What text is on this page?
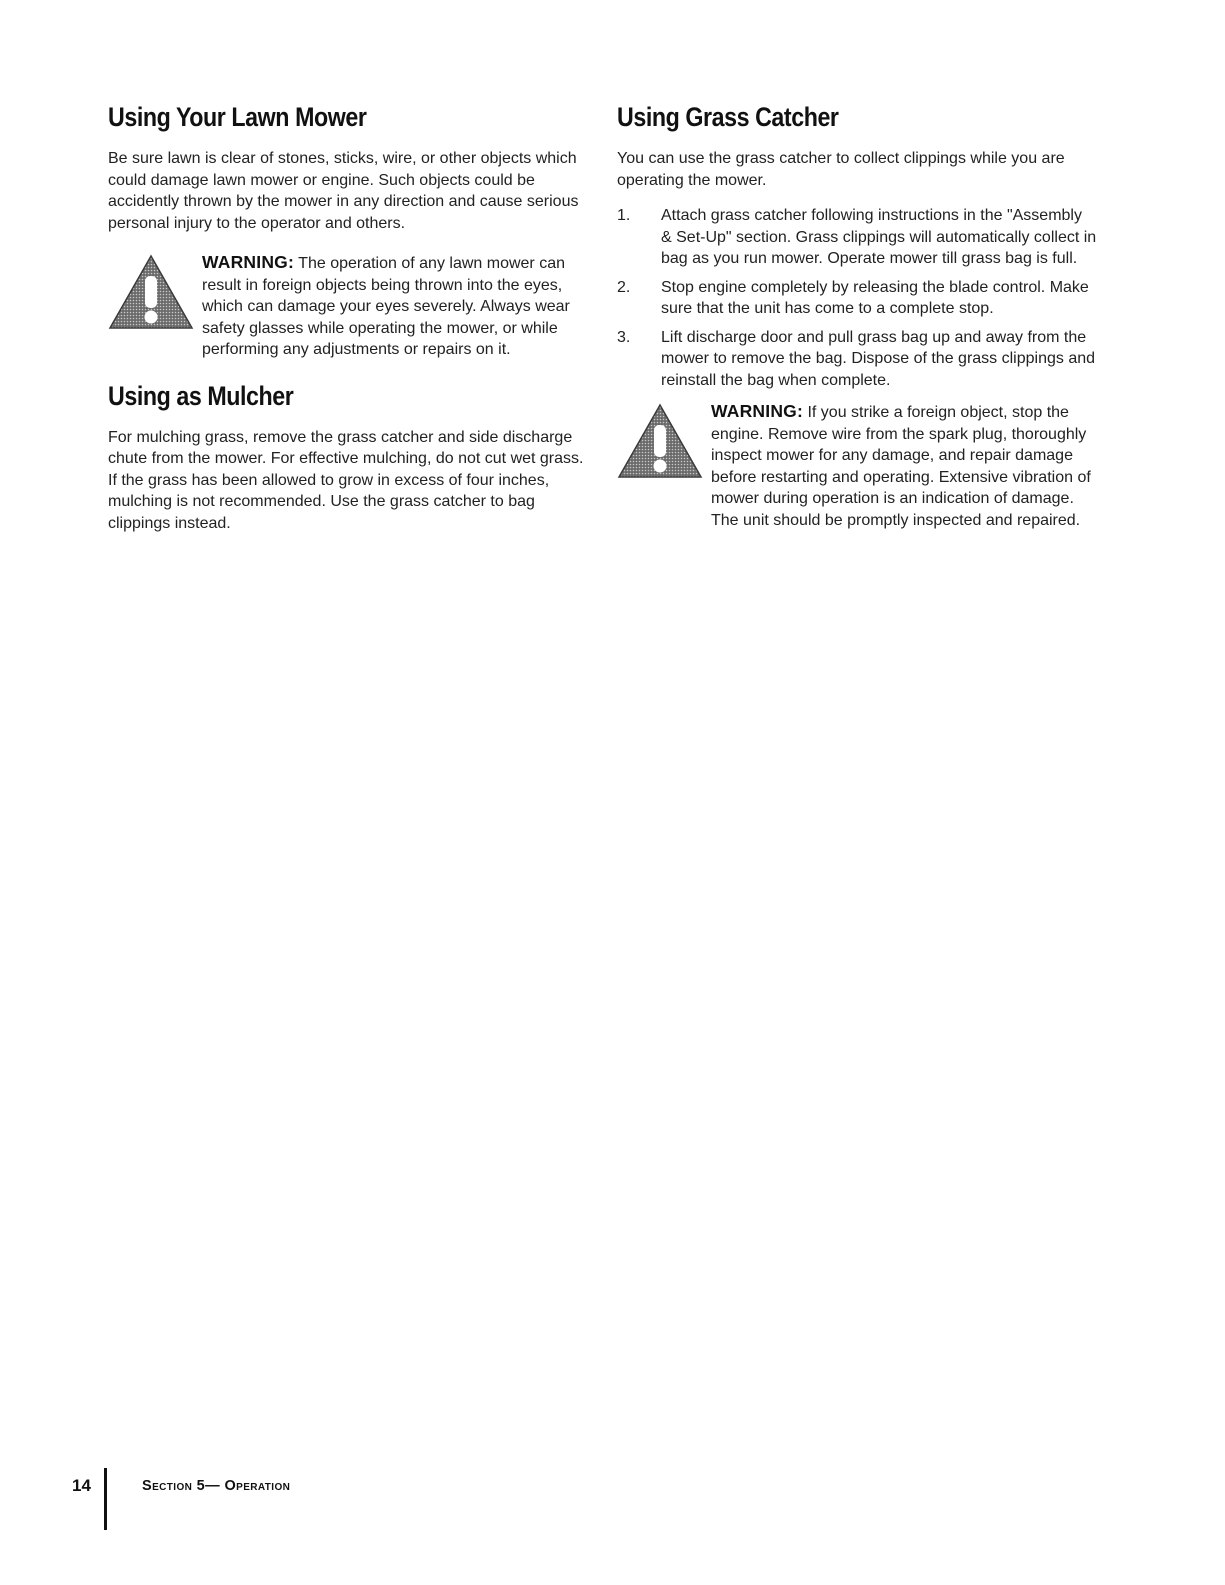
Using Your Lawn Mower

Be sure lawn is clear of stones, sticks, wire, or other objects which could damage lawn mower or engine. Such objects could be accidently thrown by the mower in any direction and cause serious personal injury to the operator and others.

WARNING: The operation of any lawn mower can result in foreign objects being thrown into the eyes, which can damage your eyes severely. Always wear safety glasses while operating the mower, or while performing any adjustments or repairs on it.

Using as Mulcher

For mulching grass, remove the grass catcher and side discharge chute from the mower. For effective mulching, do not cut wet grass. If the grass has been allowed to grow in excess of four inches, mulching is not recommended. Use the grass catcher to bag clippings instead.

Using Grass Catcher

You can use the grass catcher to collect clippings while you are operating the mower.

1. Attach grass catcher following instructions in the "Assembly & Set-Up" section. Grass clippings will automatically collect in bag as you run mower. Operate mower till grass bag is full.
2. Stop engine completely by releasing the blade control. Make sure that the unit has come to a complete stop.
3. Lift discharge door and pull grass bag up and away from the mower to remove the bag. Dispose of the grass clippings and reinstall the bag when complete.

WARNING: If you strike a foreign object, stop the engine. Remove wire from the spark plug, thoroughly inspect mower for any damage, and repair damage before restarting and operating. Extensive vibration of mower during operation is an indication of damage. The unit should be promptly inspected and repaired.

14	Section 5— Operation
